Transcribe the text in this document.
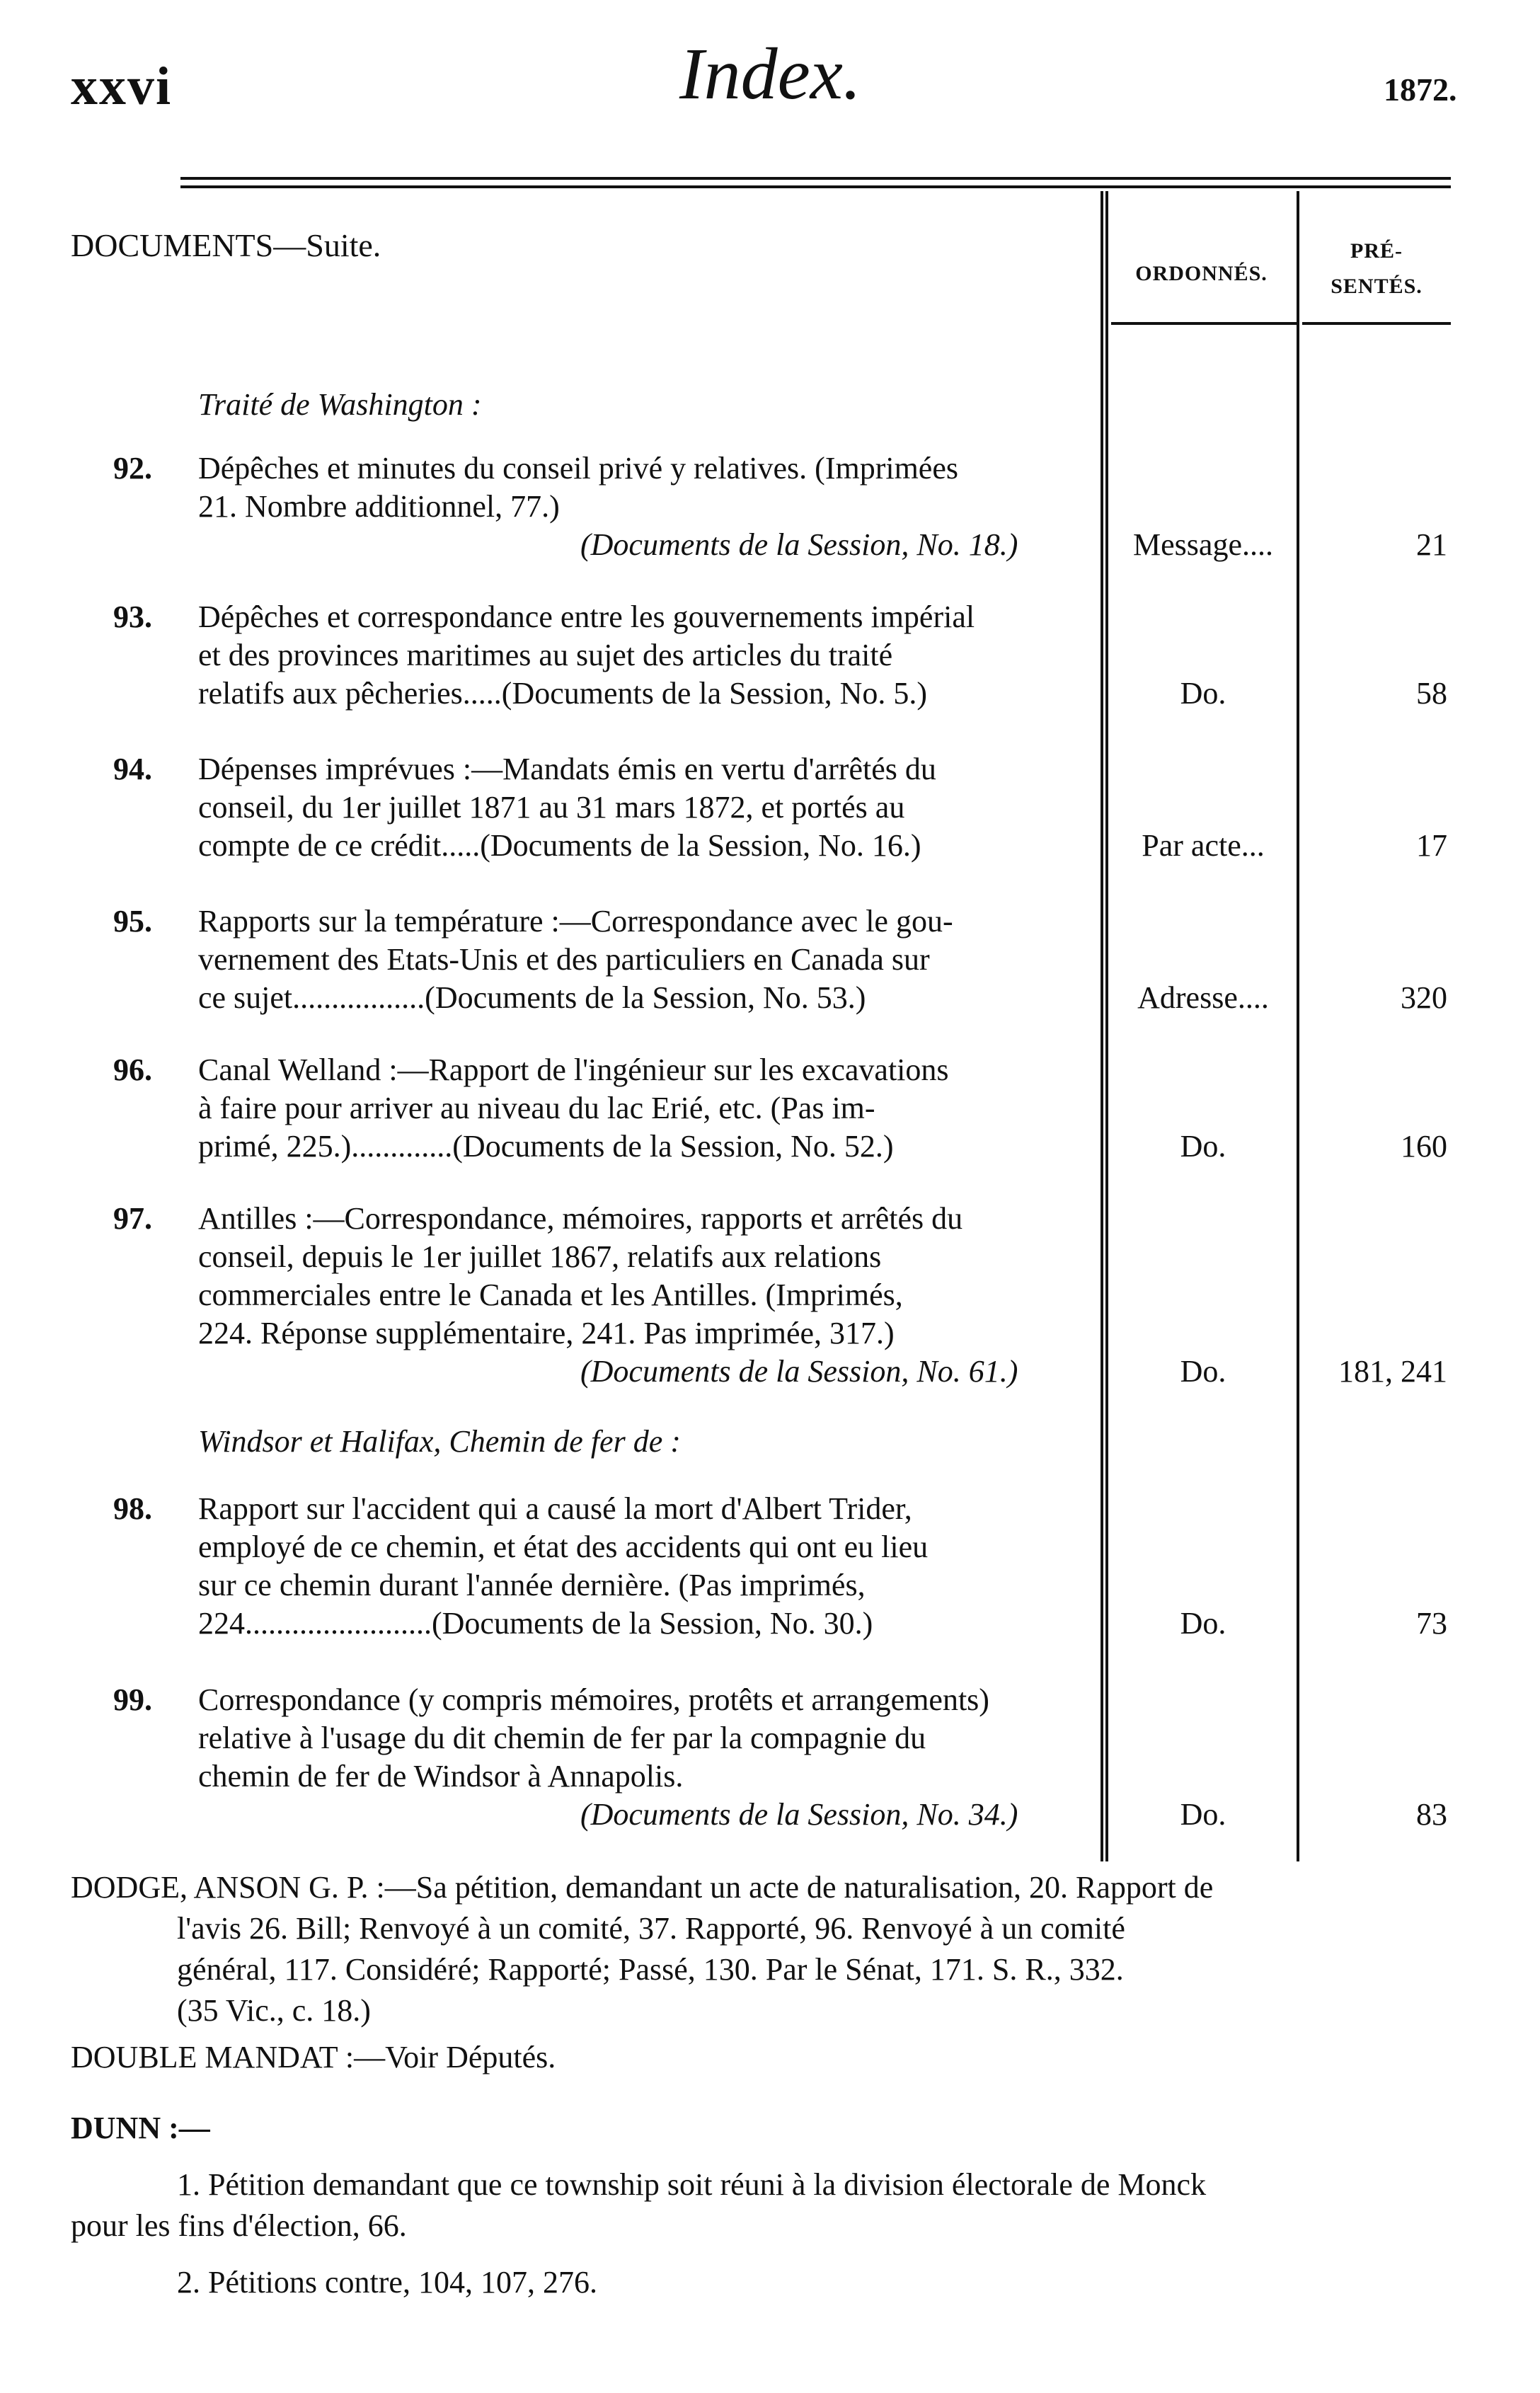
xxvi	Index.	1872.
DOCUMENTS—Suite.
ORDONNÉS.
PRÉ-
SENTÉS.
Traité de Washington :
92. Dépêches et minutes du conseil privé y relatives. (Imprimées
21. Nombre additionnel, 77.)
(Documents de la Session, No. 18.)	Message....	21
93. Dépêches et correspondance entre les gouvernements impérial
et des provinces maritimes au sujet des articles du traité
relatifs aux pêcheries.....(Documents de la Session, No. 5.)	Do.	58
94. Dépenses imprévues :—Mandats émis en vertu d'arrêtés du
conseil, du 1er juillet 1871 au 31 mars 1872, et portés au
compte de ce crédit.....(Documents de la Session, No. 16.)	Par acte...	17
95. Rapports sur la température :—Correspondance avec le gou-
vernement des Etats-Unis et des particuliers en Canada sur
ce sujet.................(Documents de la Session, No. 53.)	Adresse....	320
96. Canal Welland :—Rapport de l'ingénieur sur les excavations
à faire pour arriver au niveau du lac Erié, etc. (Pas im-
primé, 225.).............(Documents de la Session, No. 52.)	Do.	160
97. Antilles :—Correspondance, mémoires, rapports et arrêtés du
conseil, depuis le 1er juillet 1867, relatifs aux relations
commerciales entre le Canada et les Antilles. (Imprimés,
224. Réponse supplémentaire, 241. Pas imprimée, 317.)
(Documents de la Session, No. 61.)	Do.	181, 241
Windsor et Halifax, Chemin de fer de :
98. Rapport sur l'accident qui a causé la mort d'Albert Trider,
employé de ce chemin, et état des accidents qui ont eu lieu
sur ce chemin durant l'année dernière. (Pas imprimés,
224........................(Documents de la Session, No. 30.)	Do.	73
99. Correspondance (y compris mémoires, protêts et arrangements)
relative à l'usage du dit chemin de fer par la compagnie du
chemin de fer de Windsor à Annapolis.
(Documents de la Session, No. 34.)	Do.	83
DODGE, ANSON G. P. :—Sa pétition, demandant un acte de naturalisation, 20. Rapport de
l'avis 26. Bill; Renvoyé à un comité, 37. Rapporté, 96. Renvoyé à un comité
général, 117. Considéré; Rapporté; Passé, 130. Par le Sénat, 171. S. R., 332.
(35 Vic., c. 18.)
DOUBLE MANDAT :—Voir Députés.
DUNN :—
1. Pétition demandant que ce township soit réuni à la division électorale de Monck
pour les fins d'élection, 66.
2. Pétitions contre, 104, 107, 276.
